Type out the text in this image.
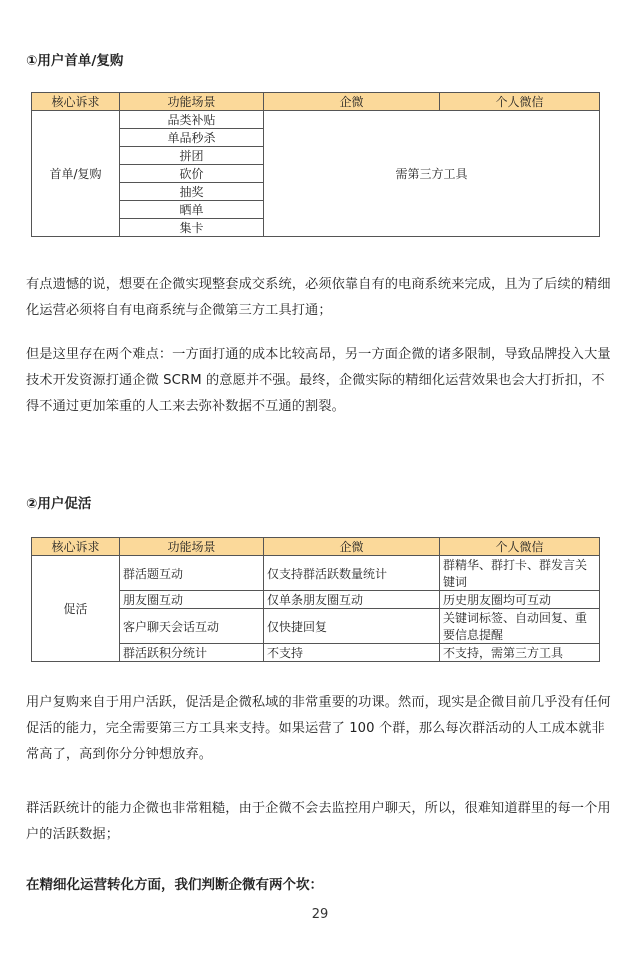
①用户首单/复购
核心诉求	功能场景	企微	个人微信
首单/复购	品类补贴	需第三方工具	
	单品秒杀		
	拼团		
	砍价		
	抽奖		
	晒单		
	集卡		
有点遗憾的说，想要在企微实现整套成交系统，必须依靠自有的电商系统来完成，且为了后续的精细化运营必须将自有电商系统与企微第三方工具打通；
但是这里存在两个难点：一方面打通的成本比较高昂，另一方面企微的诸多限制，导致品牌投入大量技术开发资源打通企微 SCRM 的意愿并不强。最终，企微实际的精细化运营效果也会大打折扣，不得不通过更加笨重的人工来去弥补数据不互通的割裂。
②用户促活
核心诉求	功能场景	企微	个人微信
促活	群活题互动	仅支持群活跃数量统计	群精华、群打卡、群发言关键词
	朋友圈互动	仅单条朋友圈互动	历史朋友圈均可互动
	客户聊天会话互动	仅快捷回复	关键词标签、自动回复、重要信息提醒
	群活跃积分统计	不支持	不支持，需第三方工具
用户复购来自于用户活跃，促活是企微私域的非常重要的功课。然而，现实是企微目前几乎没有任何促活的能力，完全需要第三方工具来支持。如果运营了 100 个群，那么每次群活动的人工成本就非常高了，高到你分分钟想放弃。
群活跃统计的能力企微也非常粗糙，由于企微不会去监控用户聊天，所以，很难知道群里的每一个用户的活跃数据；
在精细化运营转化方面，我们判断企微有两个坎：
29
